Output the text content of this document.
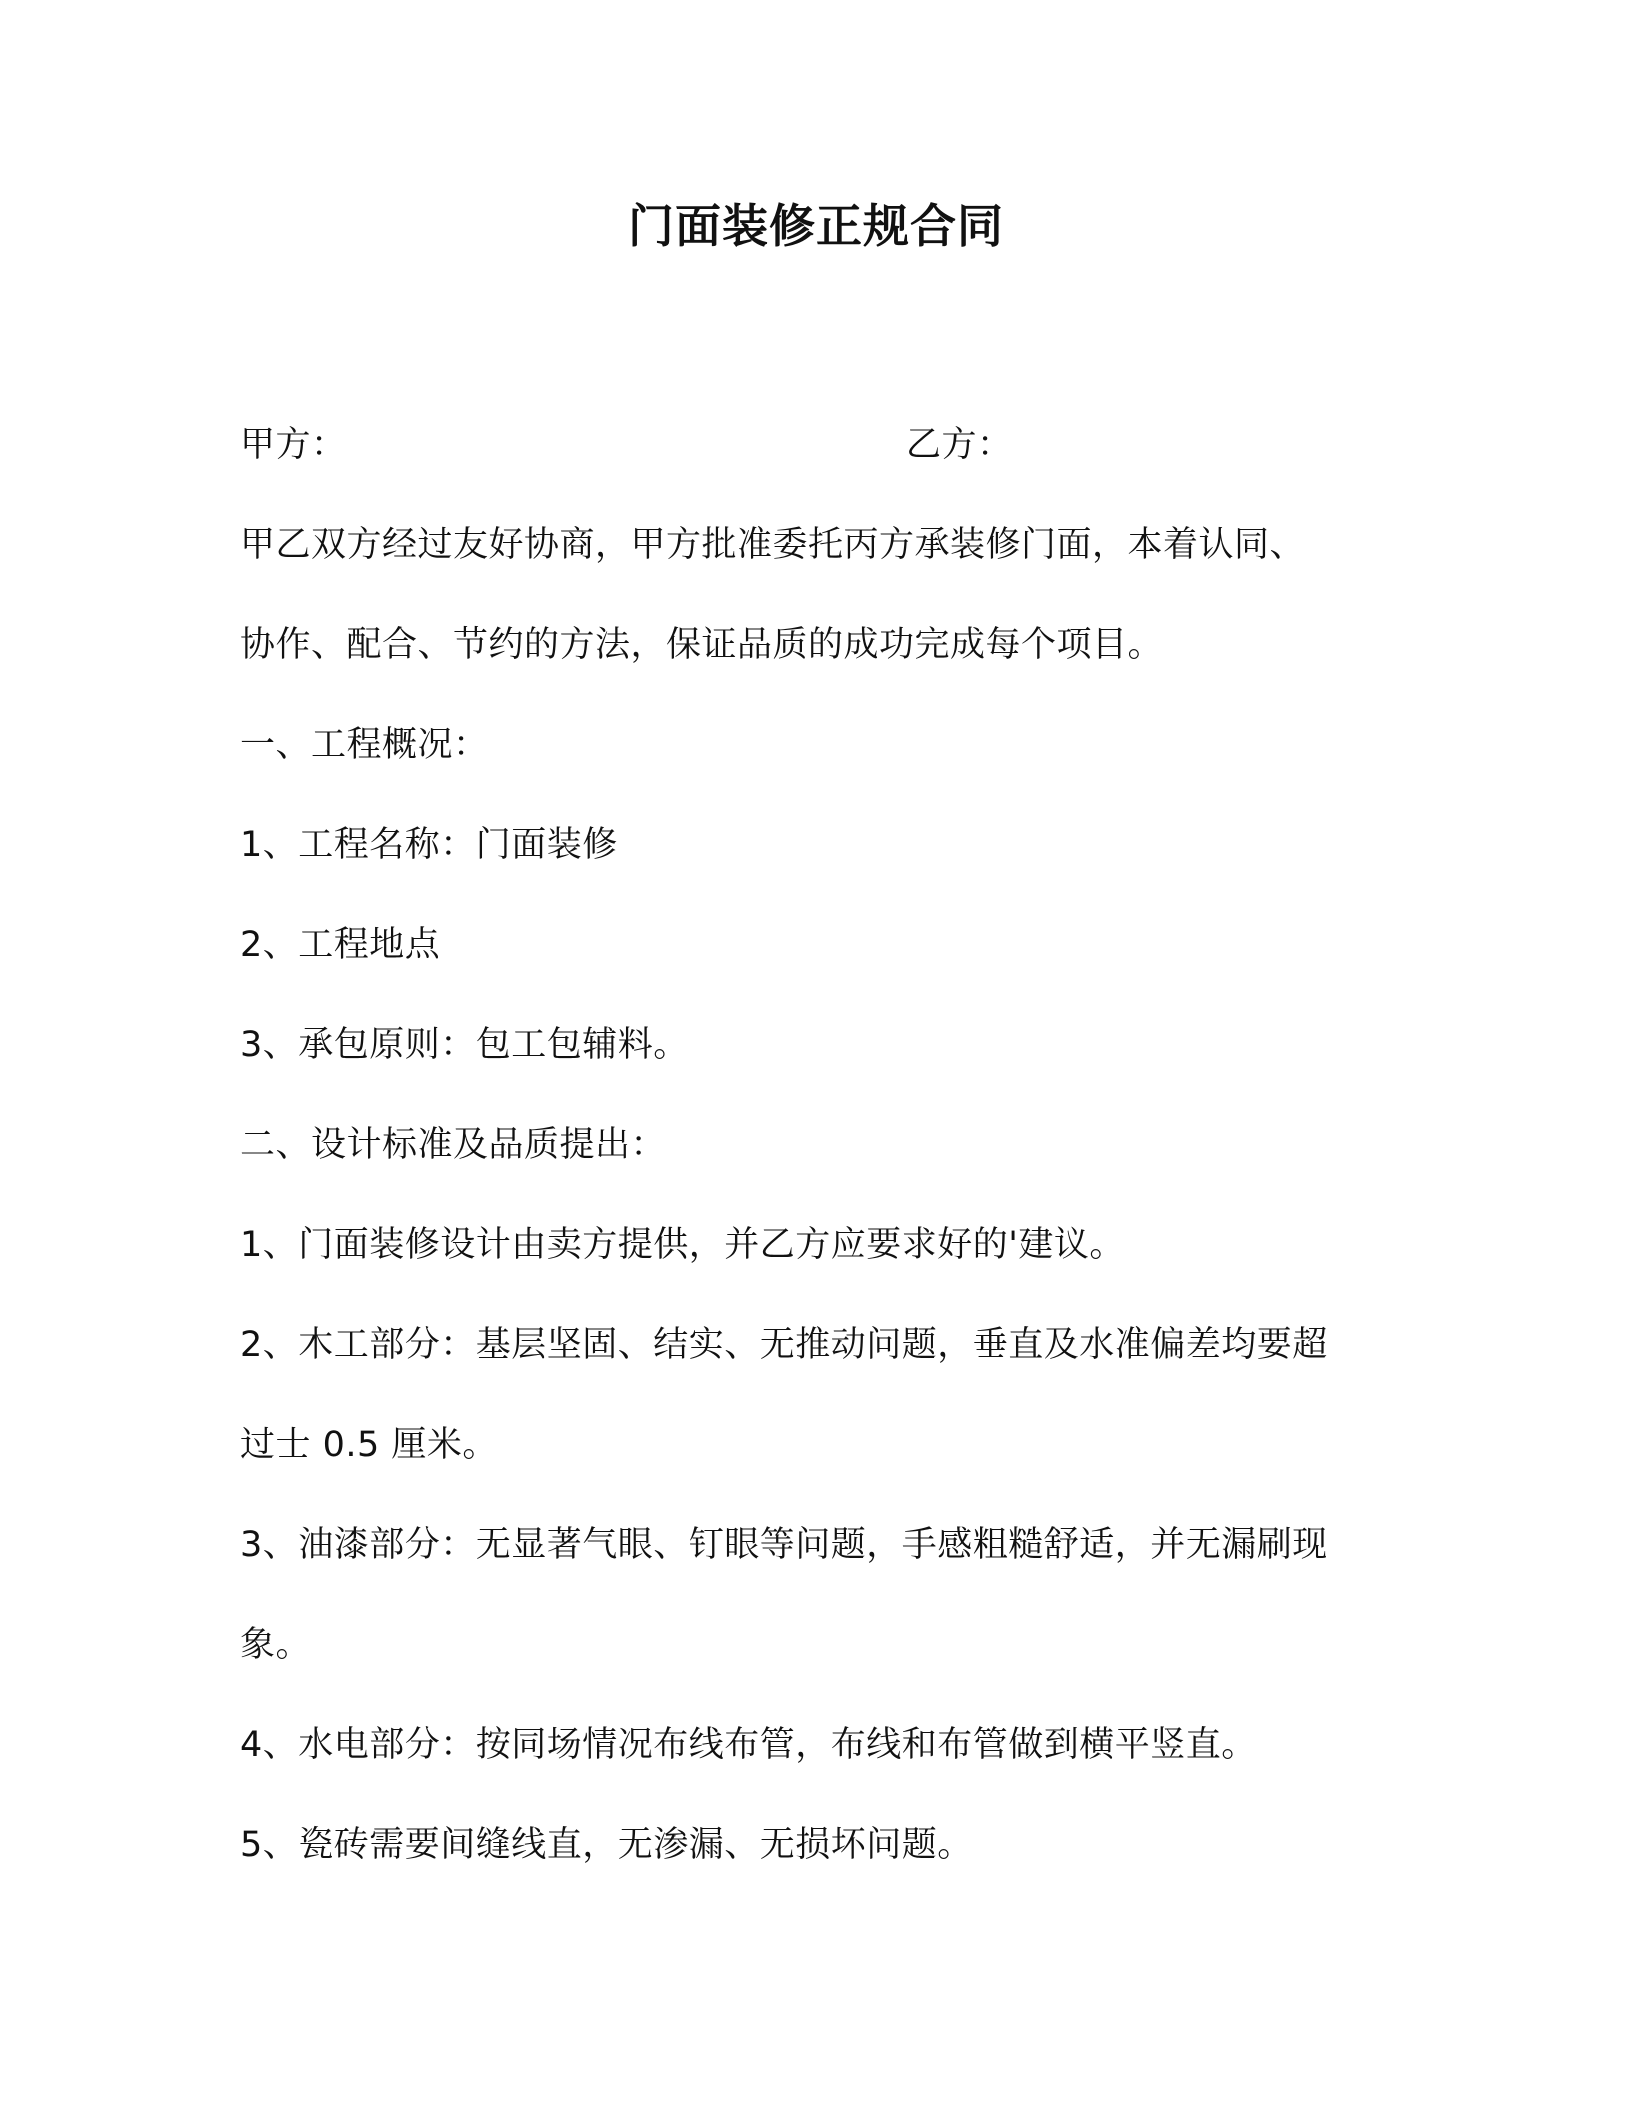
门面装修正规合同
甲方：	乙方：
甲乙双方经过友好协商，甲方批准委托丙方承装修门面，本着认同、
协作、配合、节约的方法，保证品质的成功完成每个项目。
一、工程概况：
1、工程名称：门面装修
2、工程地点
3、承包原则：包工包辅料。
二、设计标准及品质提出：
1、门面装修设计由卖方提供，并乙方应要求好的'建议。
2、木工部分：基层坚固、结实、无推动问题，垂直及水准偏差均要超
过士 0.5 厘米。
3、油漆部分：无显著气眼、钉眼等问题，手感粗糙舒适，并无漏刷现
象。
4、水电部分：按同场情况布线布管，布线和布管做到横平竖直。
5、瓷砖需要间缝线直，无渗漏、无损坏问题。
